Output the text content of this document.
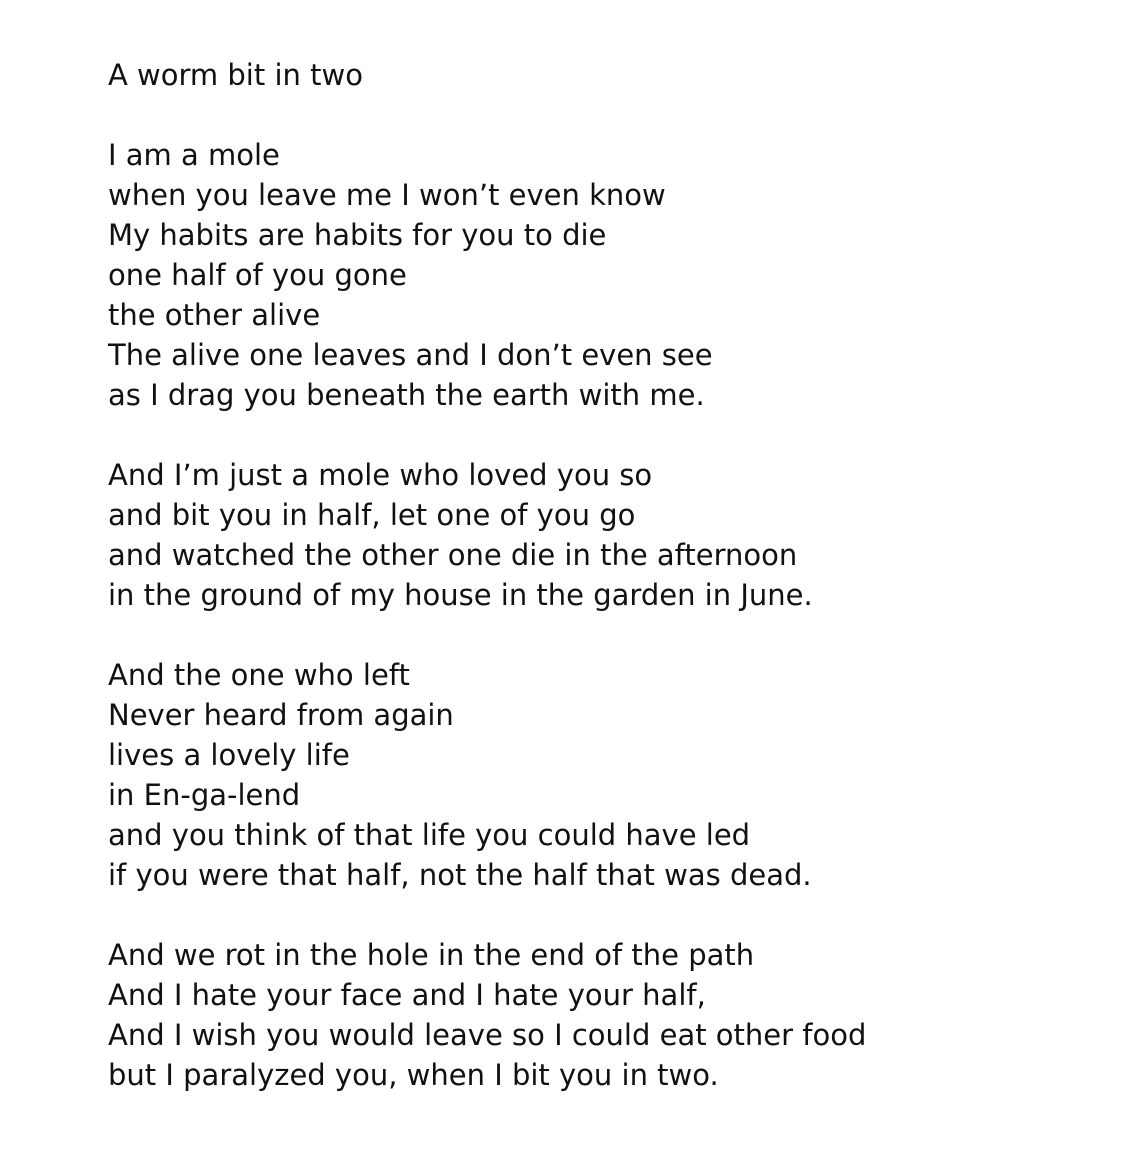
A worm bit in two
I am a mole
when you leave me I won’t even know
My habits are habits for you to die
one half of you gone
the other alive
The alive one leaves and I don’t even see
as I drag you beneath the earth with me.
And I’m just a mole who loved you so
and bit you in half, let one of you go
and watched the other one die in the afternoon
in the ground of my house in the garden in June.
And the one who left
Never heard from again
lives a lovely life
in En-ga-lend
and you think of that life you could have led
if you were that half, not the half that was dead.
And we rot in the hole in the end of the path
And I hate your face and I hate your half,
And I wish you would leave so I could eat other food
but I paralyzed you, when I bit you in two.
